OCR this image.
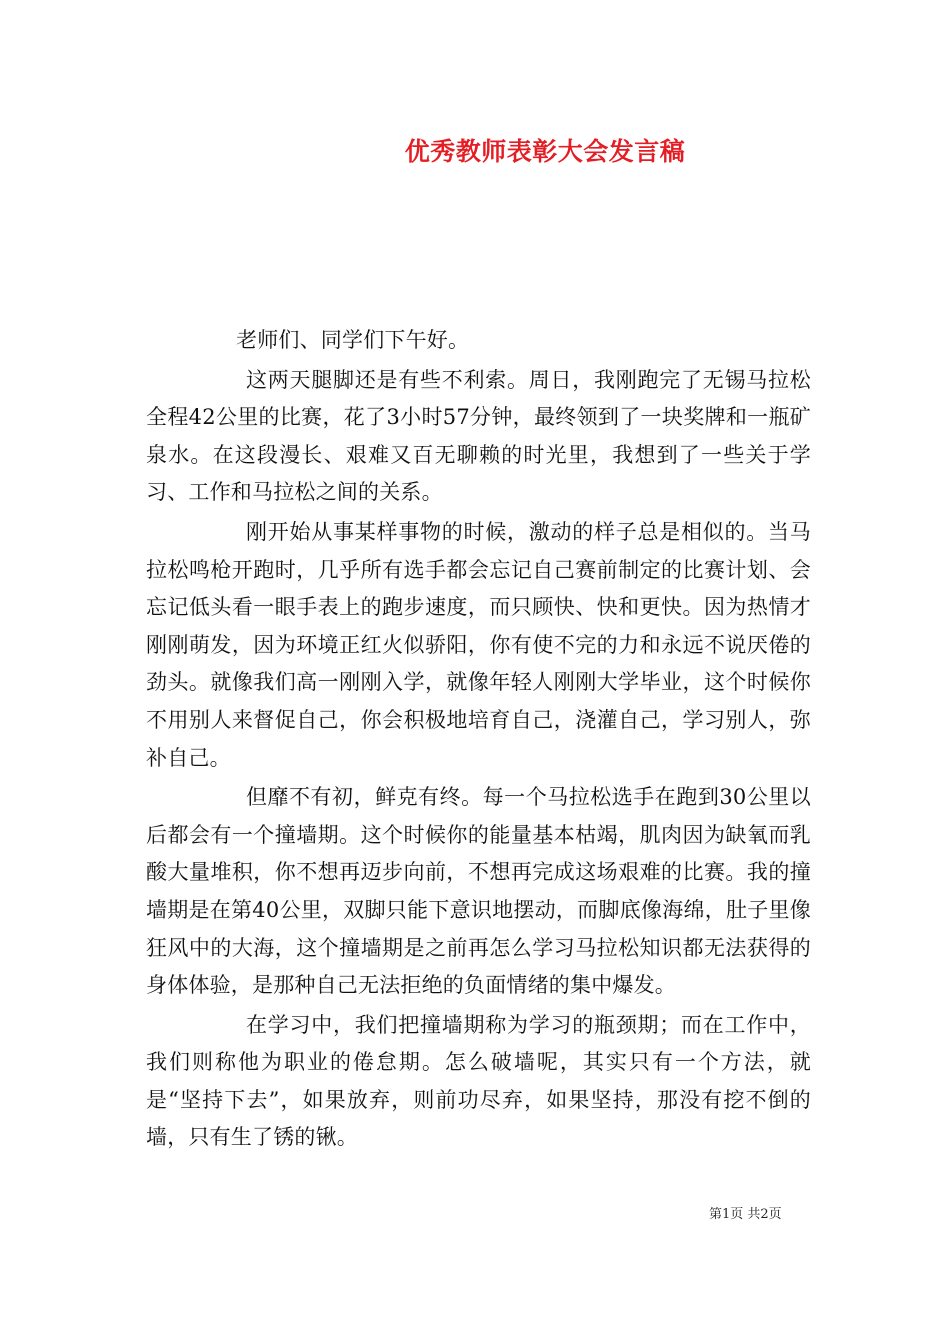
优秀教师表彰大会发言稿

老师们、同学们下午好。

这两天腿脚还是有些不利索。周日，我刚跑完了无锡马拉松全程42公里的比赛，花了3小时57分钟，最终领到了一块奖牌和一瓶矿泉水。在这段漫长、艰难又百无聊赖的时光里，我想到了一些关于学习、工作和马拉松之间的关系。

刚开始从事某样事物的时候，激动的样子总是相似的。当马拉松鸣枪开跑时，几乎所有选手都会忘记自己赛前制定的比赛计划、会忘记低头看一眼手表上的跑步速度，而只顾快、快和更快。因为热情才刚刚萌发，因为环境正红火似骄阳，你有使不完的力和永远不说厌倦的劲头。就像我们高一刚刚入学，就像年轻人刚刚大学毕业，这个时候你不用别人来督促自己，你会积极地培育自己，浇灌自己，学习别人，弥补自己。

但靡不有初，鲜克有终。每一个马拉松选手在跑到30公里以后都会有一个撞墙期。这个时候你的能量基本枯竭，肌肉因为缺氧而乳酸大量堆积，你不想再迈步向前，不想再完成这场艰难的比赛。我的撞墙期是在第40公里，双脚只能下意识地摆动，而脚底像海绵，肚子里像狂风中的大海，这个撞墙期是之前再怎么学习马拉松知识都无法获得的身体体验，是那种自己无法拒绝的负面情绪的集中爆发。

在学习中，我们把撞墙期称为学习的瓶颈期；而在工作中，我们则称他为职业的倦怠期。怎么破墙呢，其实只有一个方法，就是“坚持下去”，如果放弃，则前功尽弃，如果坚持，那没有挖不倒的墙，只有生了锈的锹。

第1页 共2页
